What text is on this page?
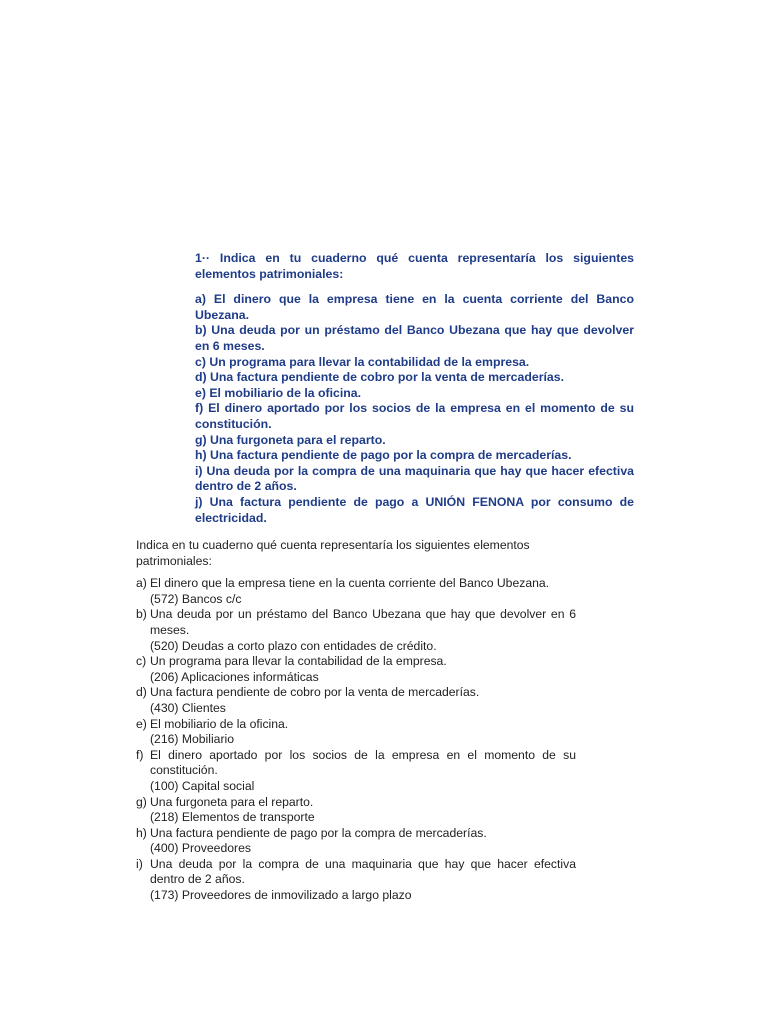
1·· Indica en tu cuaderno qué cuenta representaría los siguientes elementos patrimoniales:

a) El dinero que la empresa tiene en la cuenta corriente del Banco Ubezana.

b) Una deuda por un préstamo del Banco Ubezana que hay que devolver en 6 meses.

c) Un programa para llevar la contabilidad de la empresa.

d) Una factura pendiente de cobro por la venta de mercaderías.

e) El mobiliario de la oficina.

f) El dinero aportado por los socios de la empresa en el momento de su constitución.

g) Una furgoneta para el reparto.

h) Una factura pendiente de pago por la compra de mercaderías.

i) Una deuda por la compra de una maquinaria que hay que hacer efectiva dentro de 2 años.

j) Una factura pendiente de pago a UNIÓN FENONA por consumo de electricidad.

Indica en tu cuaderno qué cuenta representaría los siguientes elementos patrimoniales:

a) El dinero que la empresa tiene en la cuenta corriente del Banco Ubezana.
(572) Bancos c/c
b) Una deuda por un préstamo del Banco Ubezana que hay que devolver en 6 meses.
(520) Deudas a corto plazo con entidades de crédito.
c) Un programa para llevar la contabilidad de la empresa.
(206) Aplicaciones informáticas
d) Una factura pendiente de cobro por la venta de mercaderías.
(430) Clientes
e) El mobiliario de la oficina.
(216) Mobiliario
f) El dinero aportado por los socios de la empresa en el momento de su constitución.
(100) Capital social
g) Una furgoneta para el reparto.
(218) Elementos de transporte
h) Una factura pendiente de pago por la compra de mercaderías.
(400) Proveedores
i) Una deuda por la compra de una maquinaria que hay que hacer efectiva dentro de 2 años.
(173) Proveedores de inmovilizado a largo plazo
